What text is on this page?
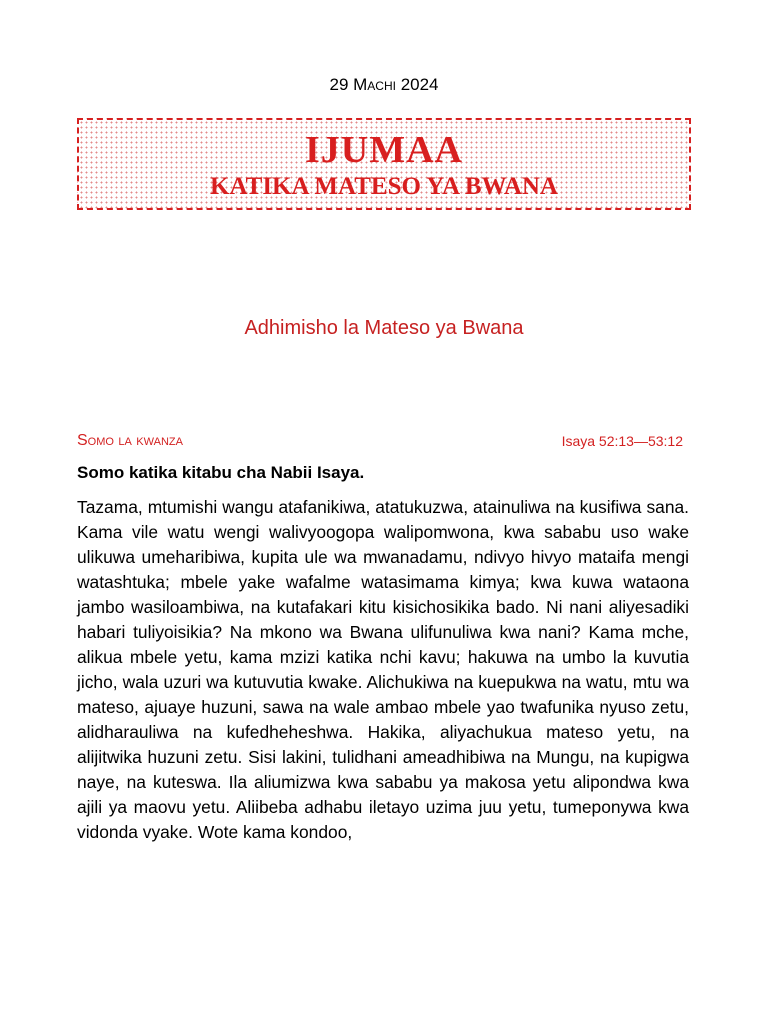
29 Machi 2024
IJUMAA
KATIKA MATESO YA BWANA
Adhimisho la Mateso ya Bwana
Somo la kwanza	Isaya 52:13—53:12
Somo katika kitabu cha Nabii Isaya.

Tazama, mtumishi wangu atafanikiwa, atatukuzwa, atainuliwa na kusifiwa sana. Kama vile watu wengi walivyoogopa walipomwona, kwa sababu uso wake ulikuwa umeharibiwa, kupita ule wa mwanadamu, ndivyo hivyo mataifa mengi watashtuka; mbele yake wafalme watasimama kimya; kwa kuwa wataona jambo wasiloambiwa, na kutafakari kitu kisichosikika bado. Ni nani aliyesadiki habari tuliyoisikia? Na mkono wa Bwana ulifunuliwa kwa nani? Kama mche, alikua mbele yetu, kama mzizi katika nchi kavu; hakuwa na umbo la kuvutia jicho, wala uzuri wa kutuvutia kwake. Alichukiwa na kuepukwa na watu, mtu wa mateso, ajuaye huzuni, sawa na wale ambao mbele yao twafunika nyuso zetu, alidharauliwa na kufedheheshwa. Hakika, aliyachukua mateso yetu, na alijitwika huzuni zetu. Sisi lakini, tulidhani ameadhibiwa na Mungu, na kupigwa naye, na kuteswa. Ila aliumizwa kwa sababu ya makosa yetu alipondwa kwa ajili ya maovu yetu. Aliibeba adhabu iletayo uzima juu yetu, tumeponywa kwa vidonda vyake. Wote kama kondoo,
